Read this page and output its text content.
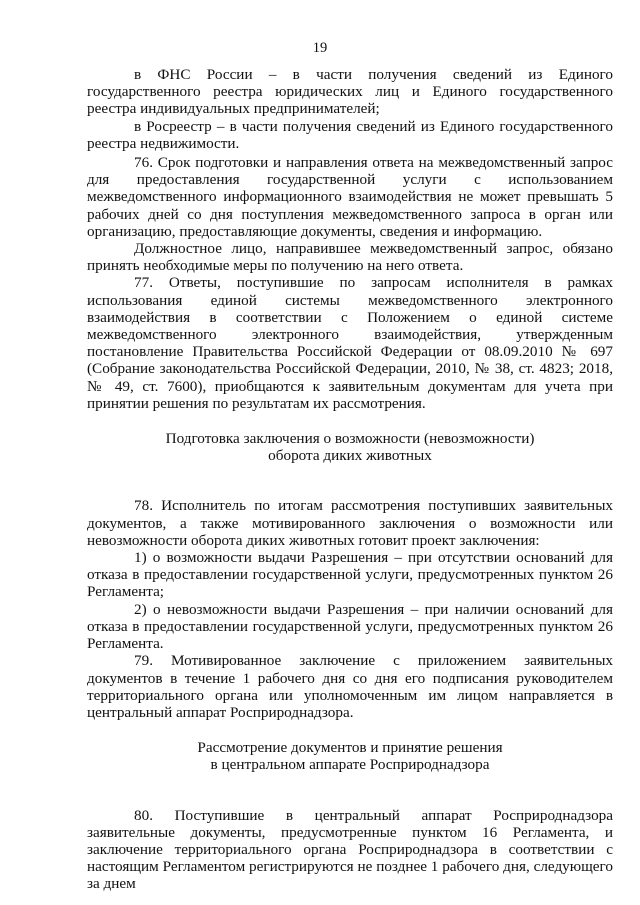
19

в ФНС России – в части получения сведений из Единого государственного реестра юридических лиц и Единого государственного реестра индивидуальных предпринимателей;

в Росреестр – в части получения сведений из Единого государственного реестра недвижимости.

76. Срок подготовки и направления ответа на межведомственный запрос для предоставления государственной услуги с использованием межведомственного информационного взаимодействия не может превышать 5 рабочих дней со дня поступления межведомственного запроса в орган или организацию, предоставляющие документы, сведения и информацию.

Должностное лицо, направившее межведомственный запрос, обязано принять необходимые меры по получению на него ответа.

77. Ответы, поступившие по запросам исполнителя в рамках использования единой системы межведомственного электронного взаимодействия в соответствии с Положением о единой системе межведомственного электронного взаимодействия, утвержденным постановление Правительства Российской Федерации от 08.09.2010 № 697 (Собрание законодательства Российской Федерации, 2010, № 38, ст. 4823; 2018, № 49, ст. 7600), приобщаются к заявительным документам для учета при принятии решения по результатам их рассмотрения.

Подготовка заключения о возможности (невозможности)
оборота диких животных

78. Исполнитель по итогам рассмотрения поступивших заявительных документов, а также мотивированного заключения о возможности или невозможности оборота диких животных готовит проект заключения:

1) о возможности выдачи Разрешения – при отсутствии оснований для отказа в предоставлении государственной услуги, предусмотренных пунктом 26 Регламента;

2) о невозможности выдачи Разрешения – при наличии оснований для отказа в предоставлении государственной услуги, предусмотренных пунктом 26 Регламента.

79. Мотивированное заключение с приложением заявительных документов в течение 1 рабочего дня со дня его подписания руководителем территориального органа или уполномоченным им лицом направляется в центральный аппарат Росприроднадзора.

Рассмотрение документов и принятие решения
в центральном аппарате Росприроднадзора

80. Поступившие в центральный аппарат Росприроднадзора заявительные документы, предусмотренные пунктом 16 Регламента, и заключение территориального органа Росприроднадзора в соответствии с настоящим Регламентом регистрируются не позднее 1 рабочего дня, следующего за днем
